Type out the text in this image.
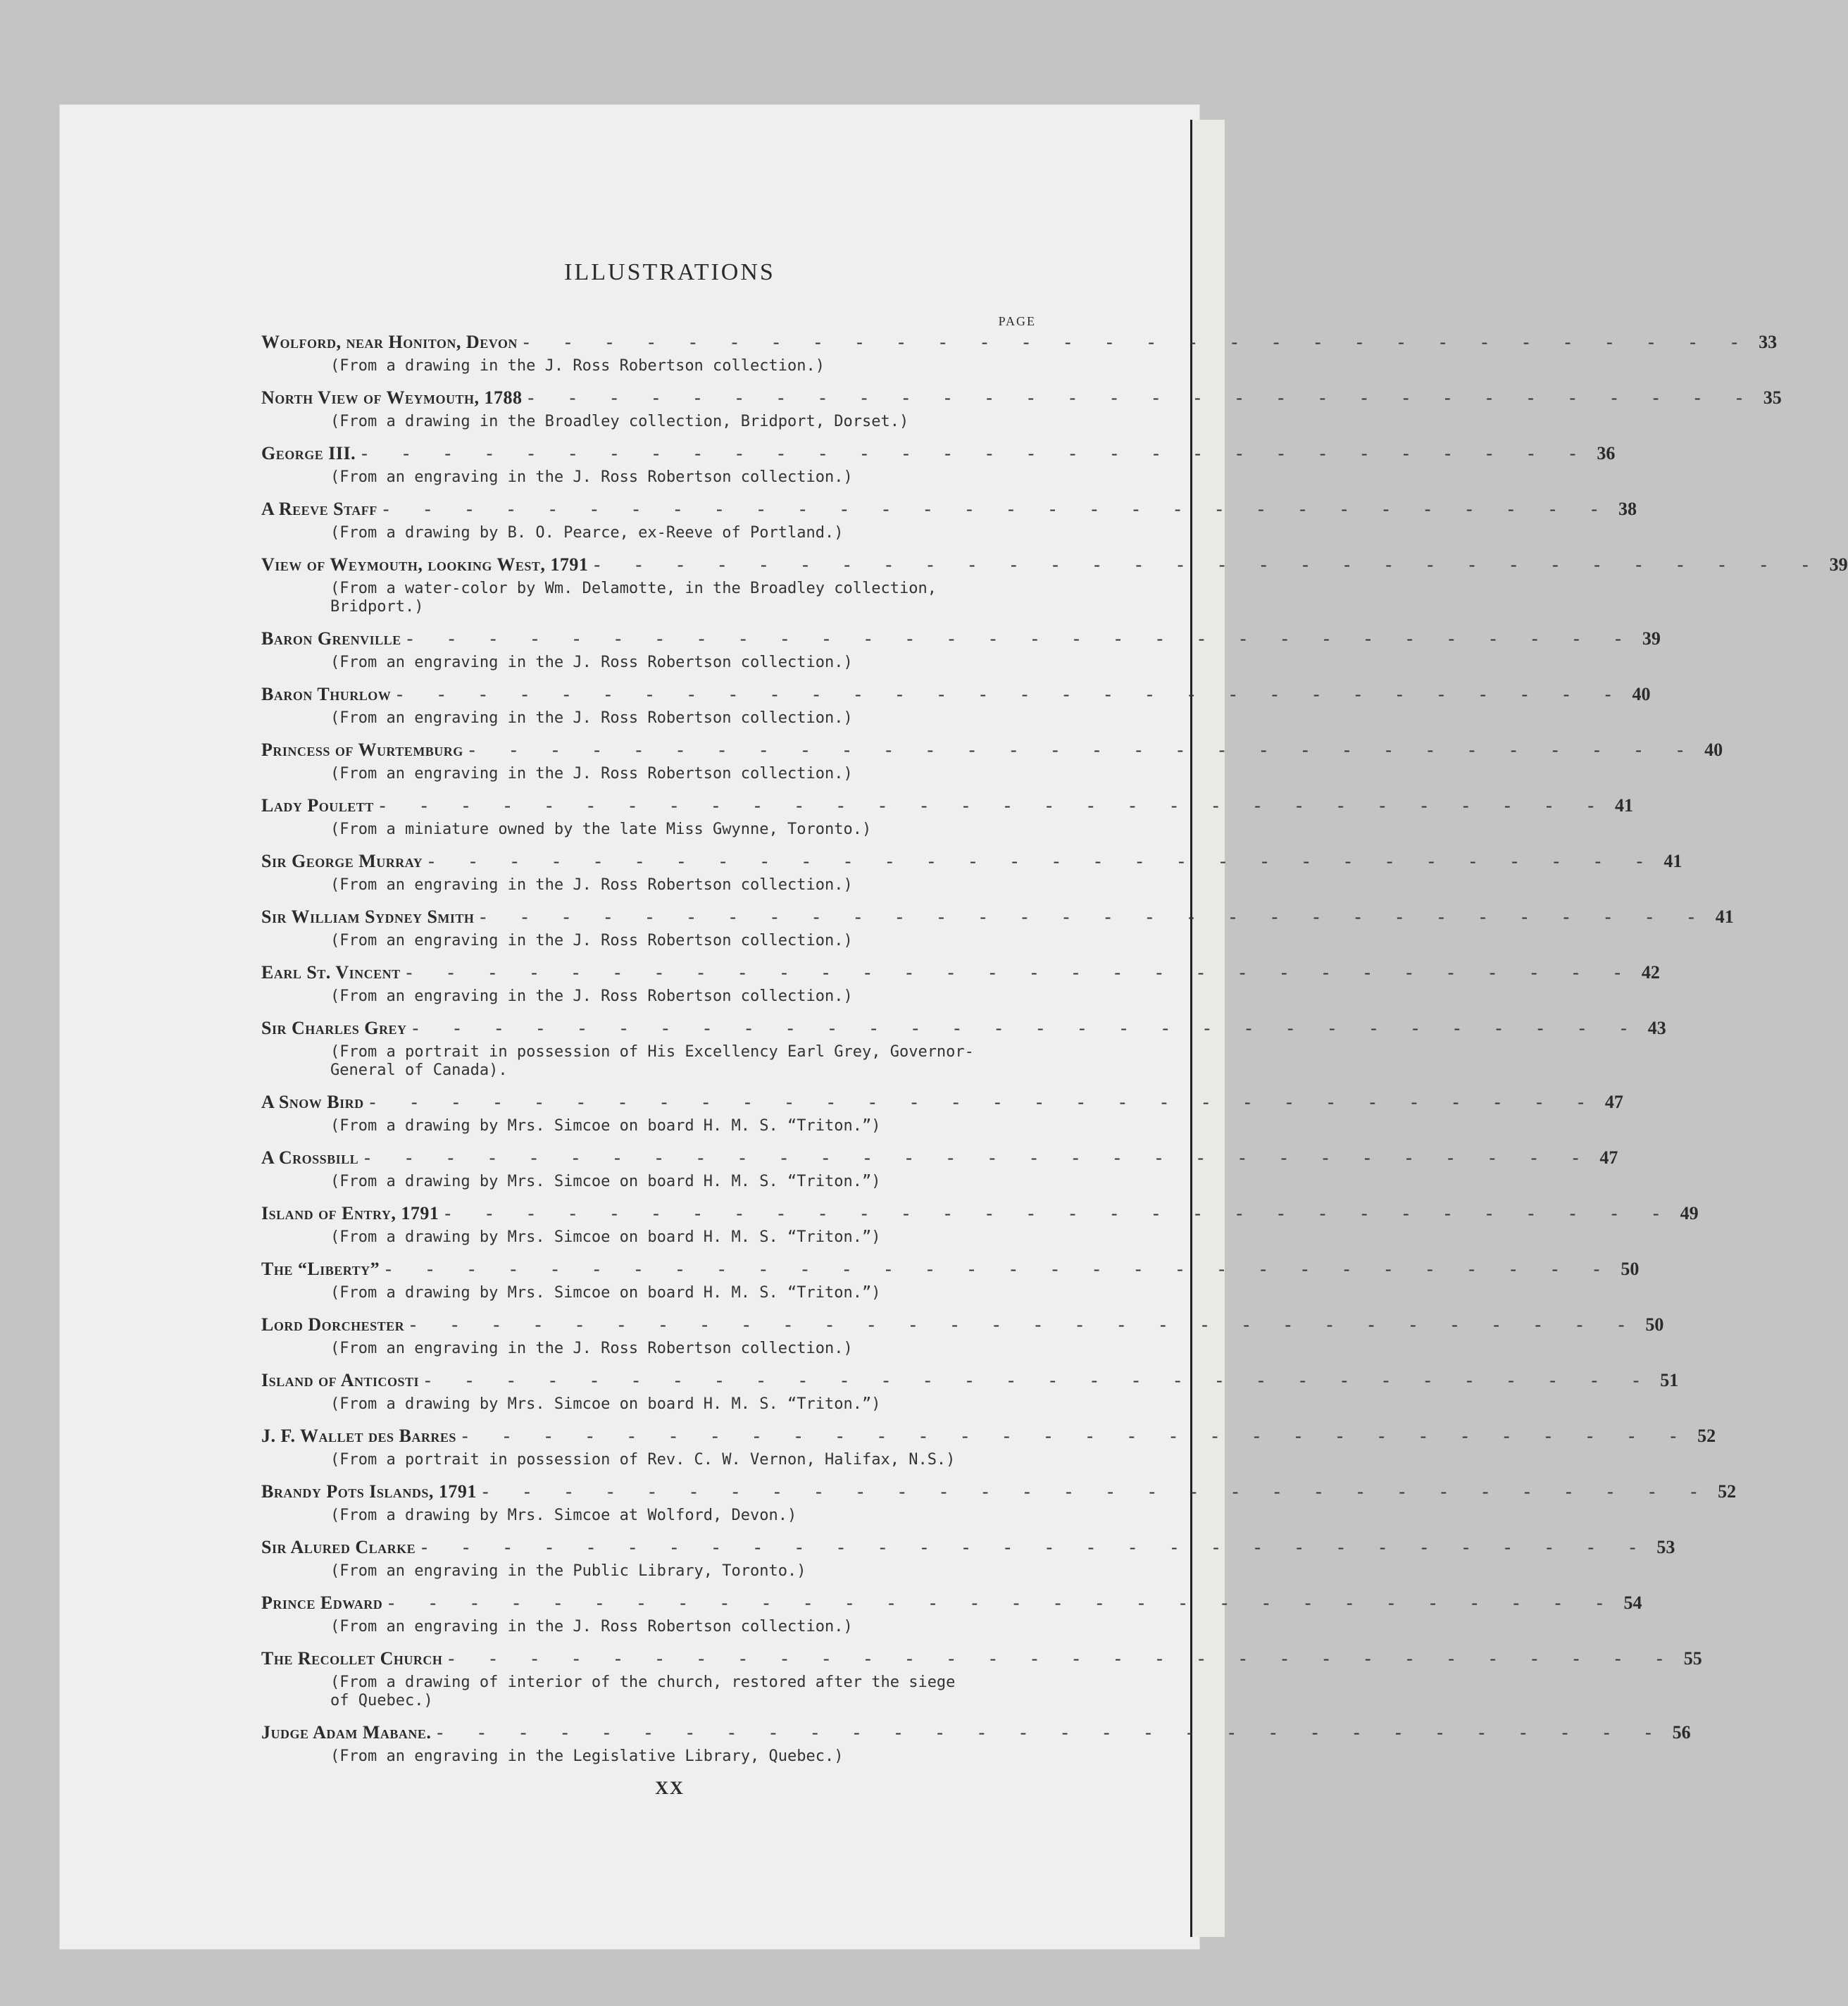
ILLUSTRATIONS
PAGE
Wolford, near Honiton, Devon - - - - - - - - - - - - - - - - - - - - - - - - - - - - - - 33
(From a drawing in the J. Ross Robertson collection.)
North View of Weymouth, 1788 - - - - - - - - - - - - - - - - - - - - - - - - - - - - - - 35
(From a drawing in the Broadley collection, Bridport, Dorset.)
George III. - - - - - - - - - - - - - - - - - - - - - - - - - - - - - - 36
(From an engraving in the J. Ross Robertson collection.)
A Reeve Staff - - - - - - - - - - - - - - - - - - - - - - - - - - - - - - 38
(From a drawing by B. O. Pearce, ex-Reeve of Portland.)
View of Weymouth, looking West, 1791 - - - - - - - - - - - - - - - - - - - - - - - - - - - - - - 39
(From a water-color by Wm. Delamotte, in the Broadley collection, Bridport.)
Baron Grenville - - - - - - - - - - - - - - - - - - - - - - - - - - - - - - 39
(From an engraving in the J. Ross Robertson collection.)
Baron Thurlow - - - - - - - - - - - - - - - - - - - - - - - - - - - - - - 40
(From an engraving in the J. Ross Robertson collection.)
Princess of Wurtemburg - - - - - - - - - - - - - - - - - - - - - - - - - - - - - - 40
(From an engraving in the J. Ross Robertson collection.)
Lady Poulett - - - - - - - - - - - - - - - - - - - - - - - - - - - - - - 41
(From a miniature owned by the late Miss Gwynne, Toronto.)
Sir George Murray - - - - - - - - - - - - - - - - - - - - - - - - - - - - - - 41
(From an engraving in the J. Ross Robertson collection.)
Sir William Sydney Smith - - - - - - - - - - - - - - - - - - - - - - - - - - - - - - 41
(From an engraving in the J. Ross Robertson collection.)
Earl St. Vincent - - - - - - - - - - - - - - - - - - - - - - - - - - - - - - 42
(From an engraving in the J. Ross Robertson collection.)
Sir Charles Grey - - - - - - - - - - - - - - - - - - - - - - - - - - - - - - 43
(From a portrait in possession of His Excellency Earl Grey, Governor-General of Canada).
A Snow Bird - - - - - - - - - - - - - - - - - - - - - - - - - - - - - - 47
(From a drawing by Mrs. Simcoe on board H. M. S. “Triton.”)
A Crossbill - - - - - - - - - - - - - - - - - - - - - - - - - - - - - - 47
(From a drawing by Mrs. Simcoe on board H. M. S. “Triton.”)
Island of Entry, 1791 - - - - - - - - - - - - - - - - - - - - - - - - - - - - - - 49
(From a drawing by Mrs. Simcoe on board H. M. S. “Triton.”)
The “Liberty” - - - - - - - - - - - - - - - - - - - - - - - - - - - - - - 50
(From a drawing by Mrs. Simcoe on board H. M. S. “Triton.”)
Lord Dorchester - - - - - - - - - - - - - - - - - - - - - - - - - - - - - - 50
(From an engraving in the J. Ross Robertson collection.)
Island of Anticosti - - - - - - - - - - - - - - - - - - - - - - - - - - - - - - 51
(From a drawing by Mrs. Simcoe on board H. M. S. “Triton.”)
J. F. Wallet des Barres - - - - - - - - - - - - - - - - - - - - - - - - - - - - - - 52
(From a portrait in possession of Rev. C. W. Vernon, Halifax, N.S.)
Brandy Pots Islands, 1791 - - - - - - - - - - - - - - - - - - - - - - - - - - - - - - 52
(From a drawing by Mrs. Simcoe at Wolford, Devon.)
Sir Alured Clarke - - - - - - - - - - - - - - - - - - - - - - - - - - - - - - 53
(From an engraving in the Public Library, Toronto.)
Prince Edward - - - - - - - - - - - - - - - - - - - - - - - - - - - - - - 54
(From an engraving in the J. Ross Robertson collection.)
The Recollet Church - - - - - - - - - - - - - - - - - - - - - - - - - - - - - - 55
(From a drawing of interior of the church, restored after the siege of Quebec.)
Judge Adam Mabane. - - - - - - - - - - - - - - - - - - - - - - - - - - - - - - 56
(From an engraving in the Legislative Library, Quebec.)
XX
